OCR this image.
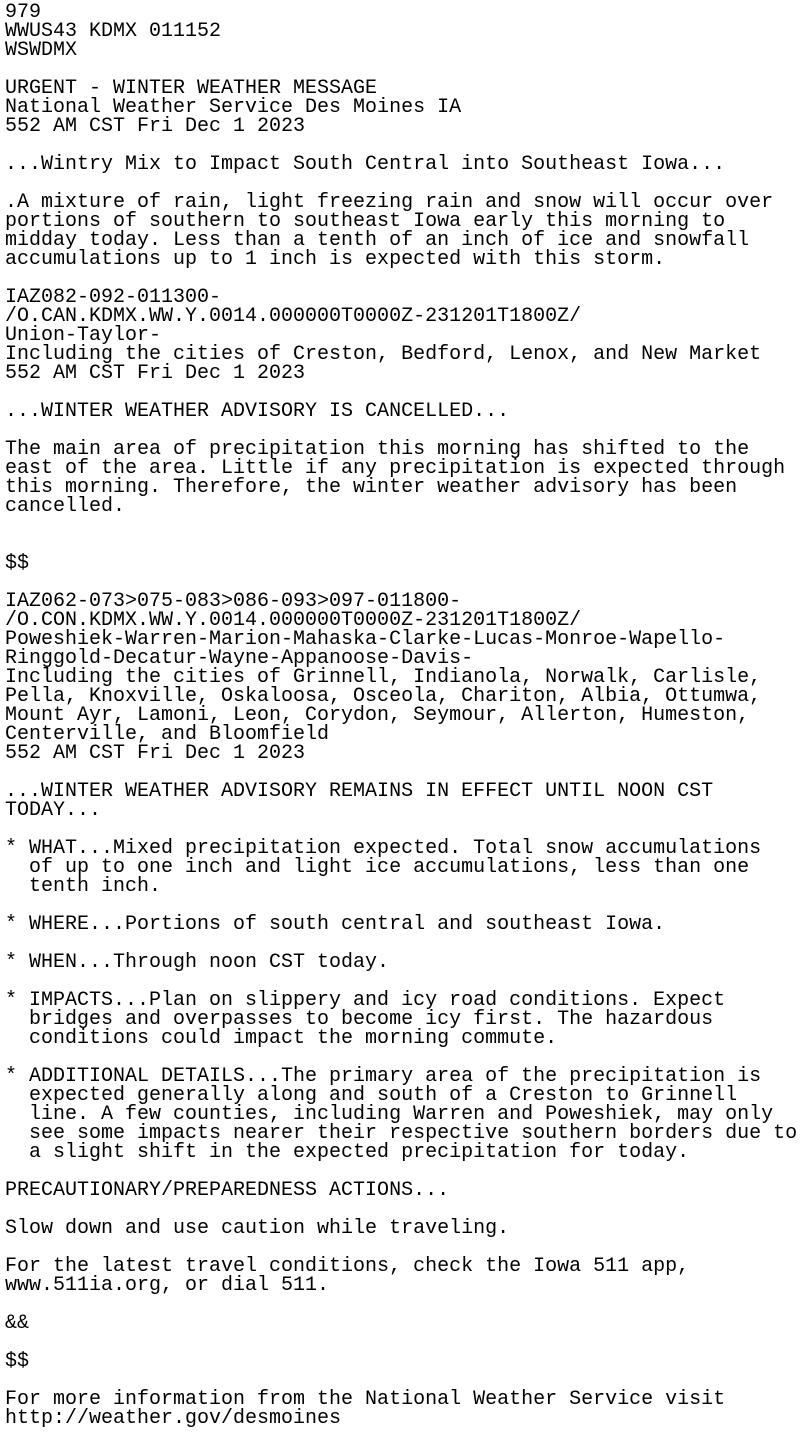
979
WWUS43 KDMX 011152
WSWDMX
URGENT - WINTER WEATHER MESSAGE
National Weather Service Des Moines IA
552 AM CST Fri Dec 1 2023
...Wintry Mix to Impact South Central into Southeast Iowa...
.A mixture of rain, light freezing rain and snow will occur over
portions of southern to southeast Iowa early this morning to
midday today. Less than a tenth of an inch of ice and snowfall
accumulations up to 1 inch is expected with this storm.
IAZ082-092-011300-
/O.CAN.KDMX.WW.Y.0014.000000T0000Z-231201T1800Z/
Union-Taylor-
Including the cities of Creston, Bedford, Lenox, and New Market
552 AM CST Fri Dec 1 2023
...WINTER WEATHER ADVISORY IS CANCELLED...
The main area of precipitation this morning has shifted to the
east of the area. Little if any precipitation is expected through
this morning. Therefore, the winter weather advisory has been
cancelled.
$$
IAZ062-073>075-083>086-093>097-011800-
/O.CON.KDMX.WW.Y.0014.000000T0000Z-231201T1800Z/
Poweshiek-Warren-Marion-Mahaska-Clarke-Lucas-Monroe-Wapello-
Ringgold-Decatur-Wayne-Appanoose-Davis-
Including the cities of Grinnell, Indianola, Norwalk, Carlisle,
Pella, Knoxville, Oskaloosa, Osceola, Chariton, Albia, Ottumwa,
Mount Ayr, Lamoni, Leon, Corydon, Seymour, Allerton, Humeston,
Centerville, and Bloomfield
552 AM CST Fri Dec 1 2023
...WINTER WEATHER ADVISORY REMAINS IN EFFECT UNTIL NOON CST
TODAY...
* WHAT...Mixed precipitation expected. Total snow accumulations
of up to one inch and light ice accumulations, less than one
tenth inch.
* WHERE...Portions of south central and southeast Iowa.
* WHEN...Through noon CST today.
* IMPACTS...Plan on slippery and icy road conditions. Expect
bridges and overpasses to become icy first. The hazardous
conditions could impact the morning commute.
* ADDITIONAL DETAILS...The primary area of the precipitation is
expected generally along and south of a Creston to Grinnell
line. A few counties, including Warren and Poweshiek, may only
see some impacts nearer their respective southern borders due to
a slight shift in the expected precipitation for today.
PRECAUTIONARY/PREPAREDNESS ACTIONS...
Slow down and use caution while traveling.
For the latest travel conditions, check the Iowa 511 app,
www.511ia.org, or dial 511.
&&
$$
For more information from the National Weather Service visit
http://weather.gov/desmoines
